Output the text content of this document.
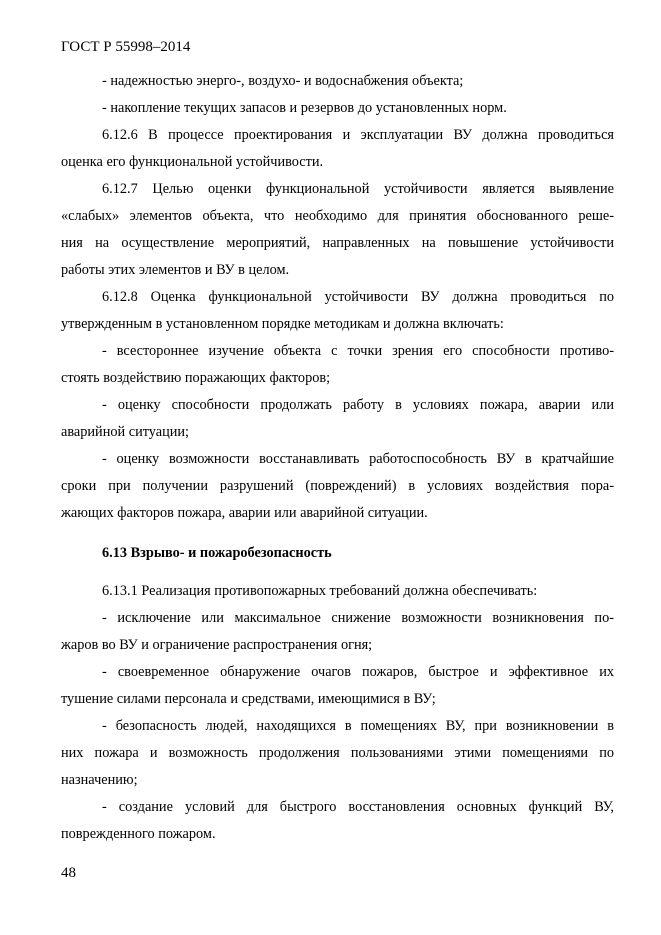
ГОСТ Р 55998–2014
- надежностью энерго-, воздухо- и водоснабжения объекта;
- накопление текущих запасов и резервов до установленных норм.
6.12.6 В процессе проектирования и эксплуатации ВУ должна проводиться
оценка его функциональной устойчивости.
6.12.7 Целью оценки функциональной устойчивости является выявление
«слабых» элементов объекта, что необходимо для принятия обоснованного реше-
ния на осуществление мероприятий, направленных на повышение устойчивости
работы этих элементов и ВУ в целом.
6.12.8 Оценка функциональной устойчивости ВУ должна проводиться по
утвержденным в установленном порядке методикам и должна включать:
- всестороннее изучение объекта с точки зрения его способности противо-
стоять воздействию поражающих факторов;
- оценку способности продолжать работу в условиях пожара, аварии или
аварийной ситуации;
- оценку возможности восстанавливать работоспособность ВУ в кратчайшие
сроки при получении разрушений (повреждений) в условиях воздействия пора-
жающих факторов пожара, аварии или аварийной ситуации.
6.13 Взрыво- и пожаробезопасность
6.13.1 Реализация противопожарных требований должна обеспечивать:
- исключение или максимальное снижение возможности возникновения по-
жаров во ВУ и ограничение распространения огня;
- своевременное обнаружение очагов пожаров, быстрое и эффективное их
тушение силами персонала и средствами, имеющимися в ВУ;
- безопасность людей, находящихся в помещениях ВУ, при возникновении в
них пожара и возможность продолжения пользованиями этими помещениями по
назначению;
- создание условий для быстрого восстановления основных функций ВУ,
поврежденного пожаром.
48
